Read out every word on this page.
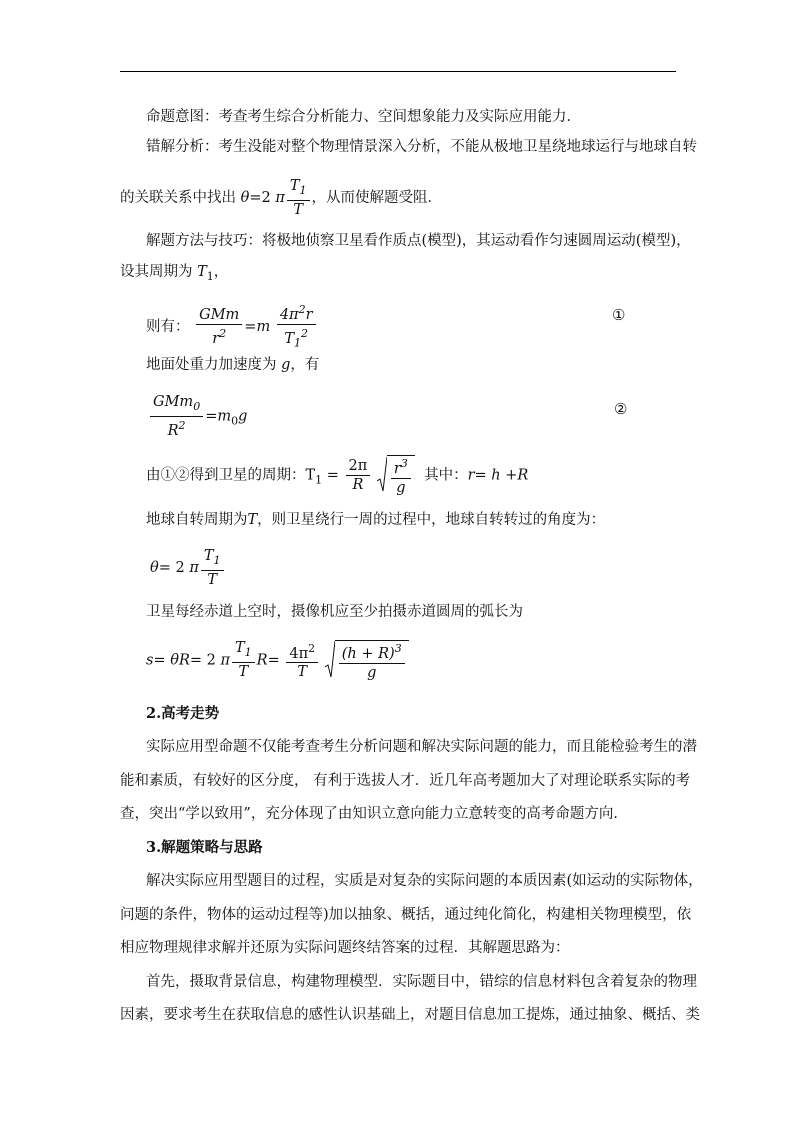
命题意图：考查考生综合分析能力、空间想象能力及实际应用能力．
错解分析：考生没能对整个物理情景深入分析，不能从极地卫星绕地球运行与地球自转
的关联关系中找出 θ=2 π $\frac{T_1}{T}$ ，从而使解题受阻．
解题方法与技巧：将极地侦察卫星看作质点(模型)，其运动看作匀速圆周运动(模型)，
设其周期为 $T_1$，
则有： $\frac{\text{GMm}}{r^2} =m \frac{4\pi^2r}{T_1^2}$	①
地面处重力加速度为 g，有
$\frac{GMm_0}{R^2} =m_0g$	②
由①②得到卫星的周期：$T_1 = \frac{2\pi}{R}$
$\frac{r^3}{g}$ 其中：r= h +R
地球自转周期为T，则卫星绕行一周的过程中，地球自转转过的角度为：
θ= 2 π $\frac{T_1}{T}$
卫星每经赤道上空时，摄像机应至少拍摄赤道圆周的弧长为
s= θR= 2 π $\frac{T_1}{T} R= \frac{4\pi^2}{T}$
$\frac{(h + R)^3}{g}$
2.高考走势
实际应用型命题不仅能考查考生分析问题和解决实际问题的能力，而且能检验考生的潜
能和素质，有较好的区分度， 有利于选拔人才．近几年高考题加大了对理论联系实际的考
查，突出“学以致用”，充分体现了由知识立意向能力立意转变的高考命题方向．
3.解题策略与思路
解决实际应用型题目的过程，实质是对复杂的实际问题的本质因素(如运动的实际物体，
问题的条件，物体的运动过程等)加以抽象、概括，通过纯化简化，构建相关物理模型，依
相应物理规律求解并还原为实际问题终结答案的过程．其解题思路为：
首先，摄取背景信息，构建物理模型．实际题目中，错综的信息材料包含着复杂的物理
因素，要求考生在获取信息的感性认识基础上，对题目信息加工提炼，通过抽象、概括、类
